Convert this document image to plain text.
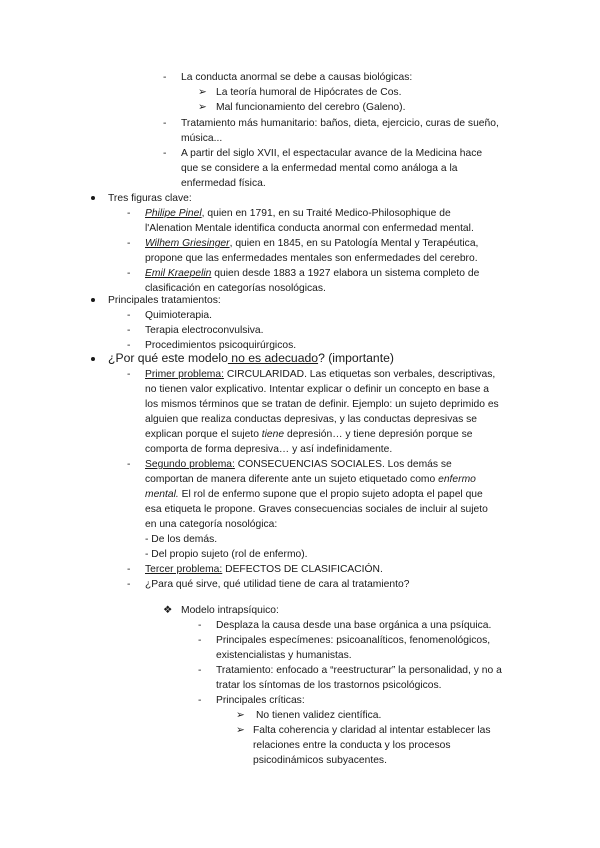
- La conducta anormal se debe a causas biológicas:
➢ La teoría humoral de Hipócrates de Cos.
➢ Mal funcionamiento del cerebro (Galeno).
- Tratamiento más humanitario: baños, dieta, ejercicio, curas de sueño,
música...
- A partir del siglo XVII, el espectacular avance de la Medicina hace
que se considere a la enfermedad mental como análoga a la
enfermedad física.
Tres figuras clave:
- Philipe Pinel, quien en 1791, en su Traité Medico-Philosophique de
l'Alenation Mentale identifica conducta anormal con enfermedad mental.
- Wilhem Griesinger, quien en 1845, en su Patología Mental y Terapéutica,
propone que las enfermedades mentales son enfermedades del cerebro.
- Emil Kraepelin quien desde 1883 a 1927 elabora un sistema completo de
clasificación en categorías nosológicas.
Principales tratamientos:
- Quimioterapia.
- Terapia electroconvulsiva.
- Procedimientos psicoquirúrgicos.
¿Por qué este modelo no es adecuado? (importante)
- Primer problema: CIRCULARIDAD. Las etiquetas son verbales, descriptivas,
no tienen valor explicativo. Intentar explicar o definir un concepto en base a
los mismos términos que se tratan de definir. Ejemplo: un sujeto deprimido es
alguien que realiza conductas depresivas, y las conductas depresivas se
explican porque el sujeto tiene depresión… y tiene depresión porque se
comporta de forma depresiva… y así indefinidamente.
- Segundo problema: CONSECUENCIAS SOCIALES. Los demás se
comportan de manera diferente ante un sujeto etiquetado como enfermo
mental. El rol de enfermo supone que el propio sujeto adopta el papel que
esa etiqueta le propone. Graves consecuencias sociales de incluir al sujeto
en una categoría nosológica:
- De los demás.
- Del propio sujeto (rol de enfermo).
- Tercer problema: DEFECTOS DE CLASIFICACIÓN.
- ¿Para qué sirve, qué utilidad tiene de cara al tratamiento?
❖ Modelo intrapsíquico:
- Desplaza la causa desde una base orgánica a una psíquica.
- Principales especímenes: psicoanalíticos, fenomenológicos,
existencialistas y humanistas.
- Tratamiento: enfocado a “reestructurar” la personalidad, y no a
tratar los síntomas de los trastornos psicológicos.
- Principales críticas:
➢ No tienen validez científica.
➢ Falta coherencia y claridad al intentar establecer las
relaciones entre la conducta y los procesos
psicodinámicos subyacentes.
